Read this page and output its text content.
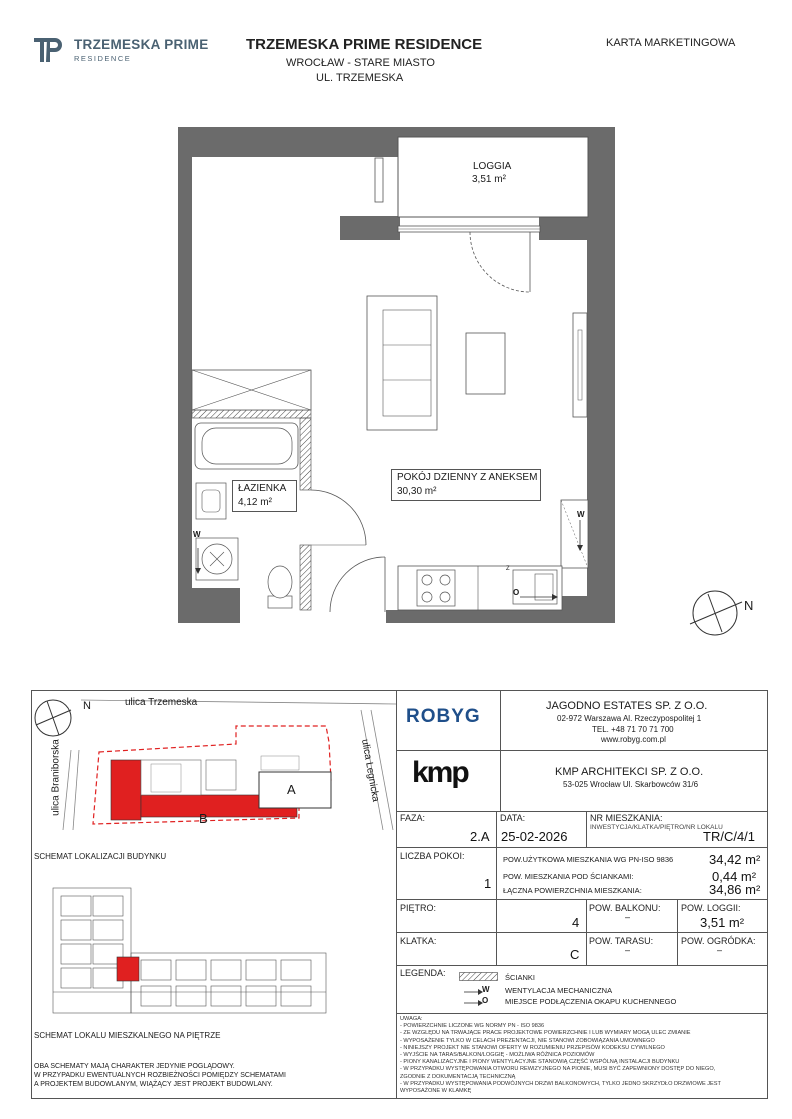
TRZEMESKA PRIME
RESIDENCE
TRZEMESKA PRIME RESIDENCE
WROCŁAW - STARE MIASTO
UL. TRZEMESKA
KARTA MARKETINGOWA
LOGGIA
3,51 m²
POKÓJ DZIENNY Z ANEKSEM
30,30 m²
ŁAZIENKA
4,12 m²
W
W
O
Z
N
ulica Trzemeska
ulica Braniborska	ulica Legnicka
A
B
N
SCHEMAT LOKALIZACJI BUDYNKU
SCHEMAT LOKALU MIESZKALNEGO NA PIĘTRZE
OBA SCHEMATY MAJĄ CHARAKTER JEDYNIE POGLĄDOWY.
W PRZYPADKU EWENTUALNYCH ROZBIEŻNOŚCI POMIĘDZY SCHEMATAMI
A PROJEKTEM BUDOWLANYM, WIĄŻĄCY JEST PROJEKT BUDOWLANY.
ROBYG	JAGODNO ESTATES SP. Z O.O.
02-972 Warszawa Al. Rzeczypospolitej 1
TEL. +48 71 70 71 700
www.robyg.com.pl
kmp	KMP ARCHITEKCI SP. Z O.O.
53-025 Wrocław Ul. Skarbowców 31/6
FAZA:
2.A
DATA:
25-02-2026
NR MIESZKANIA:
INWESTYCJA/KLATKA/PIĘTRO/NR LOKALU
TR/C/4/1
LICZBA POKOI:
1
POW.UŻYTKOWA MIESZKANIA WG PN-ISO 9836	34,42 m²
POW. MIESZKANIA POD ŚCIANKAMI:	0,44 m²
ŁĄCZNA POWIERZCHNIA MIESZKANIA:	34,86 m²
PIĘTRO:
4
POW. BALKONU:
–
POW. LOGGII:
3,51 m²
KLATKA:
C
POW. TARASU:
–
POW. OGRÓDKA:
–
LEGENDA:	ŚCIANKI
W WENTYLACJA MECHANICZNA
O MIEJSCE PODŁĄCZENIA OKAPU KUCHENNEGO
UWAGA:
- POWIERZCHNIE LICZONE WG NORMY PN - ISO 9836
- ZE WZGLĘDU NA TRWAJĄCE PRACE PROJEKTOWE POWIERZCHNIE I LUB WYMIARY MOGĄ ULEC ZMIANIE
- WYPOSAŻENIE TYLKO W CELACH PREZENTACJI, NIE STANOWI ZOBOWIĄZANIA UMOWNEGO
- NINIEJSZY PROJEKT NIE STANOWI OFERTY W ROZUMIENIU PRZEPISÓW KODEKSU CYWILNEGO
- WYJŚCIE NA TARAS/BALKON/LOGGIĘ - MOŻLIWA RÓŻNICA POZIOMÓW
- PIONY KANALIZACYJNE I PIONY WENTYLACYJNE STANOWIĄ CZĘŚĆ WSPÓLNĄ INSTALACJI BUDYNKU
- W PRZYPADKU WYSTĘPOWANIA OTWORU REWIZYJNEGO NA PIONIE, MUSI BYĆ ZAPEWNIONY DOSTĘP DO NIEGO,
ZGODNIE Z DOKUMENTACJĄ TECHNICZNĄ
- W PRZYPADKU WYSTĘPOWANIA PODWÓJNYCH DRZWI BALKONOWYCH, TYLKO JEDNO SKRZYDŁO DRZWIOWE JEST
WYPOSAŻONE W KLAMKĘ
